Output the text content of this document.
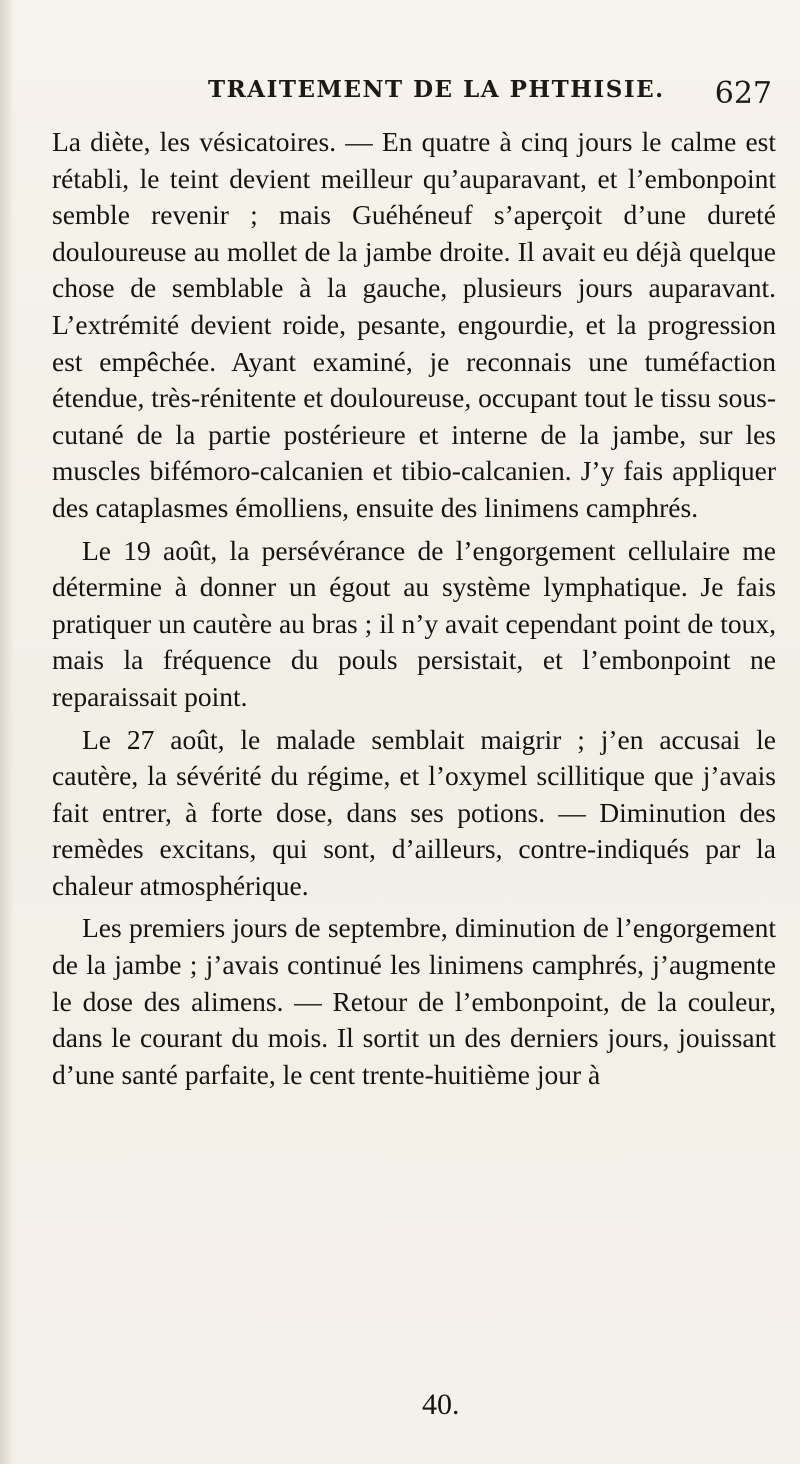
TRAITEMENT DE LA PHTHISIE. 627

La diète, les vésicatoires. — En quatre à cinq jours le calme est rétabli, le teint devient meilleur qu’auparavant, et l’embonpoint semble revenir ; mais Guéhéneuf s’aperçoit d’une dureté douloureuse au mollet de la jambe droite. Il avait eu déjà quelque chose de semblable à la gauche, plusieurs jours auparavant. L’extrémité devient roide, pesante, engourdie, et la progression est empêchée. Ayant examiné, je reconnais une tuméfaction étendue, très-rénitente et douloureuse, occupant tout le tissu sous-cutané de la partie postérieure et interne de la jambe, sur les muscles bifémoro-calcanien et tibio-calcanien. J’y fais appliquer des cataplasmes émolliens, ensuite des linimens camphrés.

Le 19 août, la persévérance de l’engorgement cellulaire me détermine à donner un égout au système lymphatique. Je fais pratiquer un cautère au bras ; il n’y avait cependant point de toux, mais la fréquence du pouls persistait, et l’embonpoint ne reparaissait point.

Le 27 août, le malade semblait maigrir ; j’en accusai le cautère, la sévérité du régime, et l’oxymel scillitique que j’avais fait entrer, à forte dose, dans ses potions. — Diminution des remèdes excitans, qui sont, d’ailleurs, contre-indiqués par la chaleur atmosphérique.

Les premiers jours de septembre, diminution de l’engorgement de la jambe ; j’avais continué les linimens camphrés, j’augmente le dose des alimens. — Retour de l’embonpoint, de la couleur, dans le courant du mois. Il sortit un des derniers jours, jouissant d’une santé parfaite, le cent trente-huitième jour à

40.
